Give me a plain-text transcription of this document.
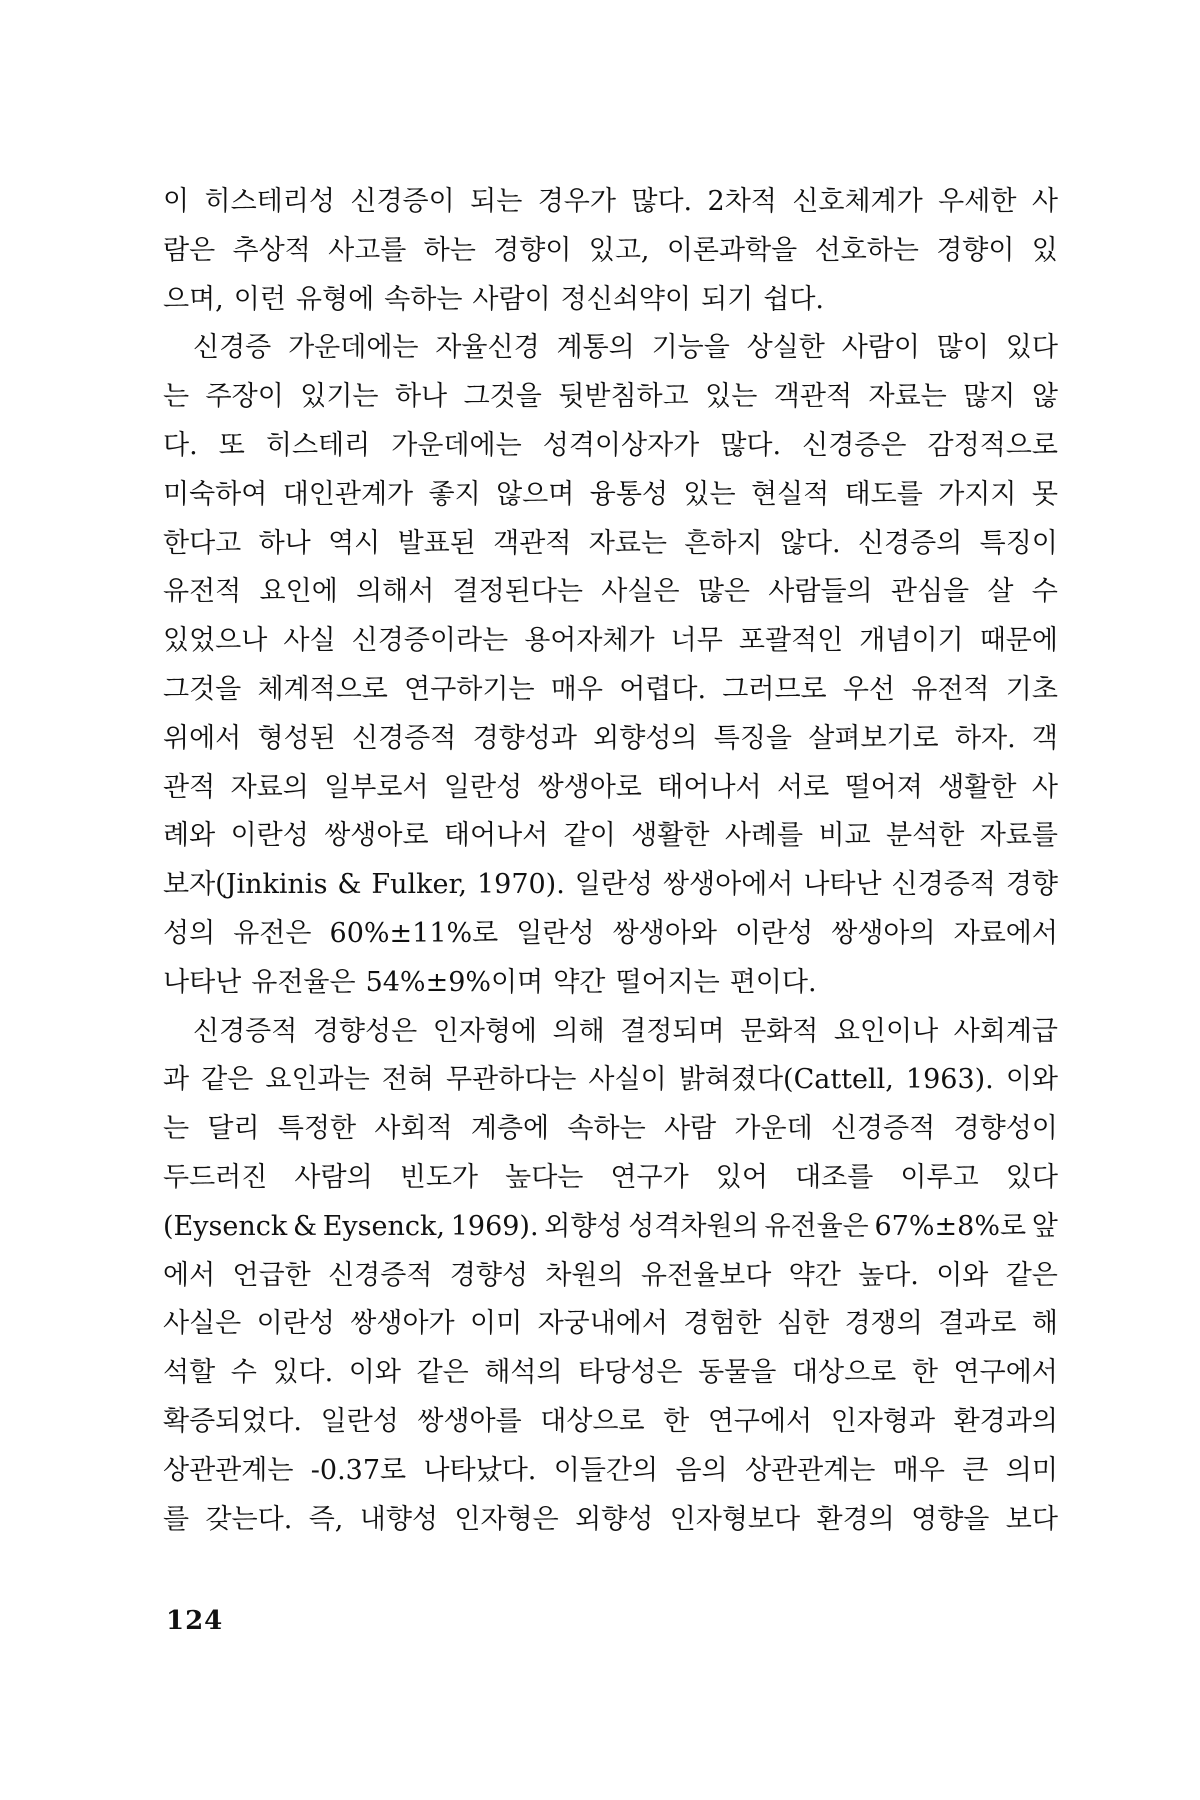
이 히스테리성 신경증이 되는 경우가 많다. 2차적 신호체계가 우세한 사
람은 추상적 사고를 하는 경향이 있고, 이론과학을 선호하는 경향이 있
으며, 이런 유형에 속하는 사람이 정신쇠약이 되기 쉽다.
신경증 가운데에는 자율신경 계통의 기능을 상실한 사람이 많이 있다
는 주장이 있기는 하나 그것을 뒷받침하고 있는 객관적 자료는 많지 않
다. 또 히스테리 가운데에는 성격이상자가 많다. 신경증은 감정적으로
미숙하여 대인관계가 좋지 않으며 융통성 있는 현실적 태도를 가지지 못
한다고 하나 역시 발표된 객관적 자료는 흔하지 않다. 신경증의 특징이
유전적 요인에 의해서 결정된다는 사실은 많은 사람들의 관심을 살 수
있었으나 사실 신경증이라는 용어자체가 너무 포괄적인 개념이기 때문에
그것을 체계적으로 연구하기는 매우 어렵다. 그러므로 우선 유전적 기초
위에서 형성된 신경증적 경향성과 외향성의 특징을 살펴보기로 하자. 객
관적 자료의 일부로서 일란성 쌍생아로 태어나서 서로 떨어져 생활한 사
례와 이란성 쌍생아로 태어나서 같이 생활한 사례를 비교 분석한 자료를
보자(Jinkinis & Fulker, 1970). 일란성 쌍생아에서 나타난 신경증적 경향
성의 유전은 60%±11%로 일란성 쌍생아와 이란성 쌍생아의 자료에서
나타난 유전율은 54%±9%이며 약간 떨어지는 편이다.
신경증적 경향성은 인자형에 의해 결정되며 문화적 요인이나 사회계급
과 같은 요인과는 전혀 무관하다는 사실이 밝혀졌다(Cattell, 1963). 이와
는 달리 특정한 사회적 계층에 속하는 사람 가운데 신경증적 경향성이
두드러진 사람의 빈도가 높다는 연구가 있어 대조를 이루고 있다
(Eysenck & Eysenck, 1969). 외향성 성격차원의 유전율은 67%±8%로 앞
에서 언급한 신경증적 경향성 차원의 유전율보다 약간 높다. 이와 같은
사실은 이란성 쌍생아가 이미 자궁내에서 경험한 심한 경쟁의 결과로 해
석할 수 있다. 이와 같은 해석의 타당성은 동물을 대상으로 한 연구에서
확증되었다. 일란성 쌍생아를 대상으로 한 연구에서 인자형과 환경과의
상관관계는 -0.37로 나타났다. 이들간의 음의 상관관계는 매우 큰 의미
를 갖는다. 즉, 내향성 인자형은 외향성 인자형보다 환경의 영향을 보다
124
